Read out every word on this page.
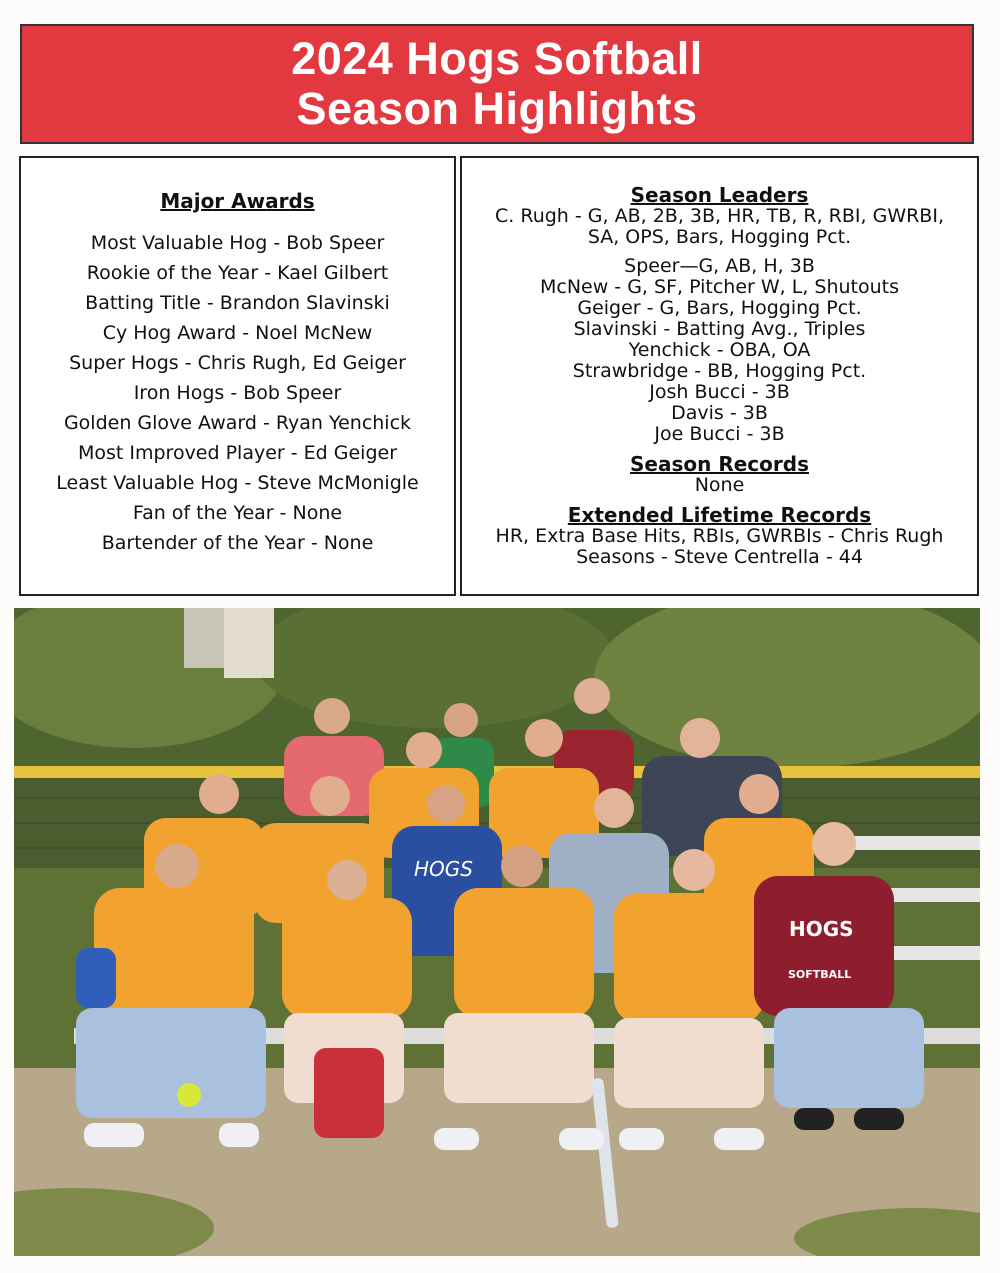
2024 Hogs Softball
Season Highlights
Major Awards
Most Valuable Hog - Bob Speer
Rookie of the Year - Kael Gilbert
Batting Title - Brandon Slavinski
Cy Hog Award - Noel McNew
Super Hogs - Chris Rugh, Ed Geiger
Iron Hogs - Bob Speer
Golden Glove Award - Ryan Yenchick
Most Improved Player - Ed Geiger
Least Valuable Hog - Steve McMonigle
Fan of the Year - None
Bartender of the Year - None
Season Leaders
C. Rugh - G, AB, 2B, 3B, HR, TB, R, RBI, GWRBI,
SA, OPS, Bars, Hogging Pct.
Speer—G, AB, H, 3B
McNew - G, SF, Pitcher W, L, Shutouts
Geiger - G, Bars, Hogging Pct.
Slavinski - Batting Avg., Triples
Yenchick - OBA, OA
Strawbridge - BB, Hogging Pct.
Josh Bucci - 3B
Davis - 3B
Joe Bucci - 3B
Season Records
None
Extended Lifetime Records
HR, Extra Base Hits, RBIs, GWRBIs - Chris Rugh
Seasons - Steve Centrella - 44
HOGS
HOGS
SOFTBALL
